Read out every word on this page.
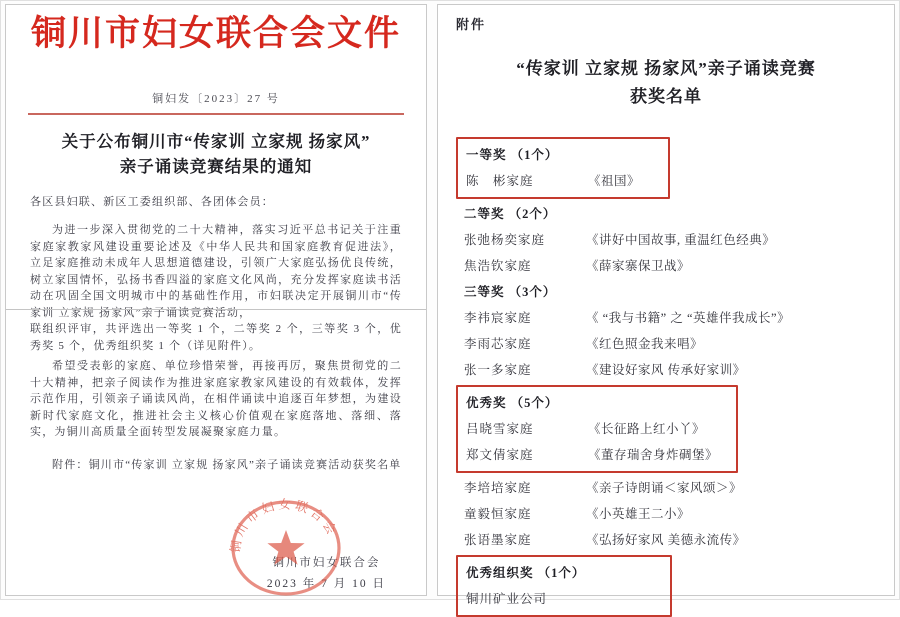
铜川市妇女联合会文件
铜妇发〔2023〕27 号
关于公布铜川市“传家训 立家规 扬家风”
亲子诵读竞赛结果的通知

各区县妇联、新区工委组织部、各团体会员：

为进一步深入贯彻党的二十大精神，落实习近平总书记关于注重家庭家教家风建设重要论述及《中华人民共和国家庭教育促进法》，立足家庭推动未成年人思想道德建设，引领广大家庭弘扬优良传统，树立家国情怀，弘扬书香四溢的家庭文化风尚，充分发挥家庭读书活动在巩固全国文明城市中的基础性作用，市妇联决定开展铜川市“传家训 立家规 扬家风”亲子诵读竞赛活动，

联组织评审，共评选出一等奖 1 个，二等奖 2 个，三等奖 3 个，优秀奖 5 个，优秀组织奖 1 个（详见附件）。

希望受表彰的家庭、单位珍惜荣誉，再接再厉，聚焦贯彻党的二十大精神，把亲子阅读作为推进家庭家教家风建设的有效载体，发挥示范作用，引领亲子诵读风尚，在相伴诵读中追逐百年梦想，为建设新时代家庭文化，推进社会主义核心价值观在家庭落地、落细、落实，为铜川高质量全面转型发展凝聚家庭力量。

附件： 铜川市“传家训 立家规 扬家风”亲子诵读竞赛活动获奖名单
铜川市妇女联合会
2023 年 7 月 10 日
铜川市妇女联合会
附件
“传家训 立家规 扬家风”亲子诵读竞赛
获奖名单
一等奖 （1个）
陈　彬家庭	《祖国》
二等奖 （2个）
张弛杨奕家庭	《讲好中国故事, 重温红色经典》
焦浩钦家庭	《薛家寨保卫战》
三等奖 （3个）
李祎宸家庭	《 “我与书籍” 之 “英雄伴我成长”》
李雨芯家庭	《红色照金我来唱》
张一多家庭	《建设好家风 传承好家训》
优秀奖 （5个）
吕晓雪家庭	《长征路上红小丫》
郑文倩家庭	《董存瑞舍身炸碉堡》
李培培家庭	《亲子诗朗诵＜家风颂＞》
童毅恒家庭	《小英雄王二小》
张语墨家庭	《弘扬好家风 美德永流传》
优秀组织奖 （1个）
铜川矿业公司
